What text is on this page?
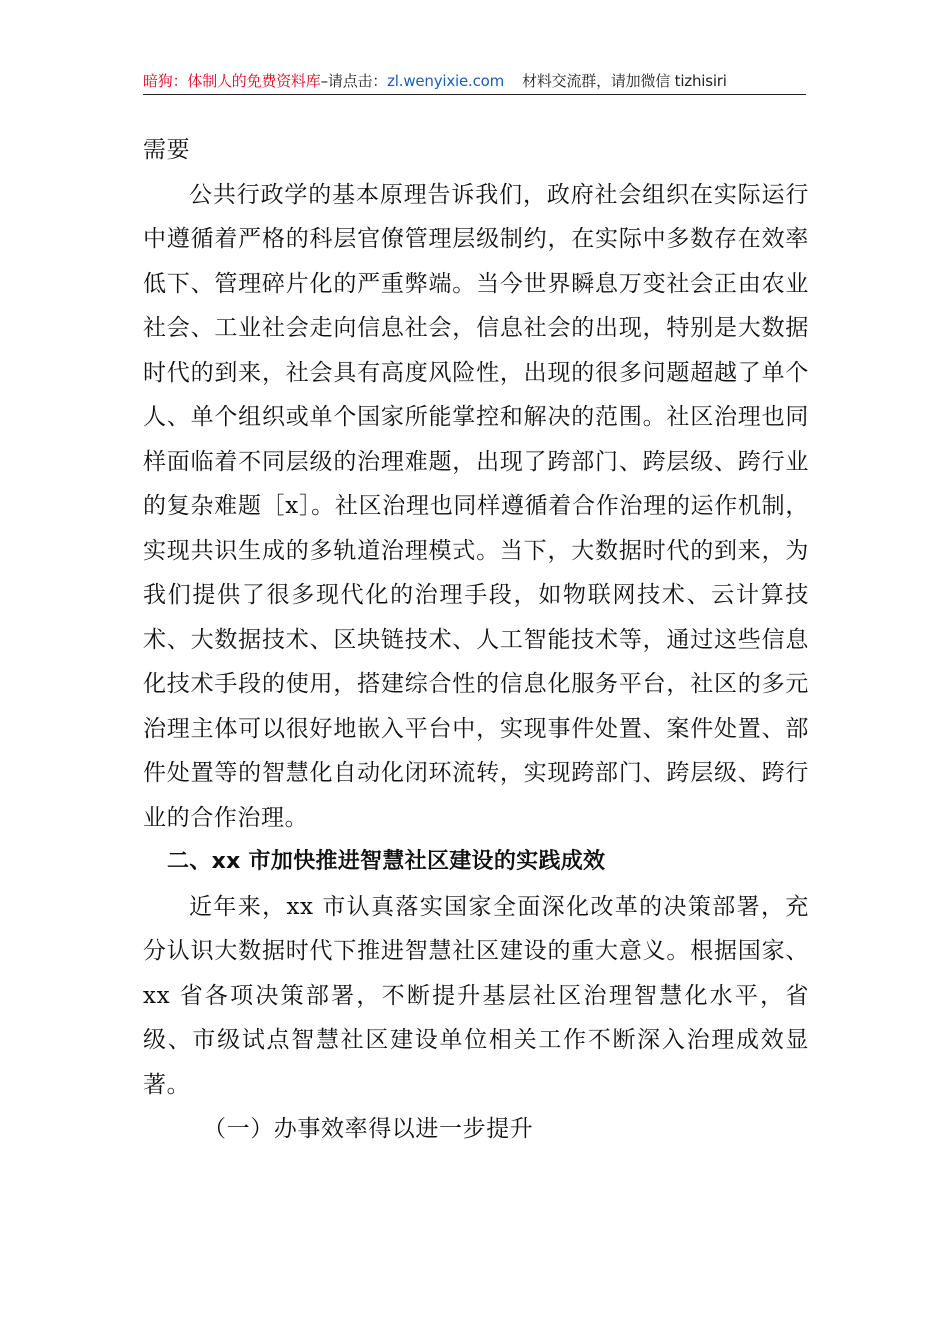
暗狗：体制人的免费资料库–请点击：zl.wenyixie.com 材料交流群，请加微信 tizhisiri

需要

公共行政学的基本原理告诉我们，政府社会组织在实际运行中遵循着严格的科层官僚管理层级制约，在实际中多数存在效率低下、管理碎片化的严重弊端。当今世界瞬息万变社会正由农业社会、工业社会走向信息社会，信息社会的出现，特别是大数据时代的到来，社会具有高度风险性，出现的很多问题超越了单个人、单个组织或单个国家所能掌控和解决的范围。社区治理也同样面临着不同层级的治理难题，出现了跨部门、跨层级、跨行业的复杂难题［x］。社区治理也同样遵循着合作治理的运作机制，实现共识生成的多轨道治理模式。当下，大数据时代的到来，为我们提供了很多现代化的治理手段，如物联网技术、云计算技术、大数据技术、区块链技术、人工智能技术等，通过这些信息化技术手段的使用，搭建综合性的信息化服务平台，社区的多元治理主体可以很好地嵌入平台中，实现事件处置、案件处置、部件处置等的智慧化自动化闭环流转，实现跨部门、跨层级、跨行业的合作治理。

二、xx 市加快推进智慧社区建设的实践成效

近年来，xx 市认真落实国家全面深化改革的决策部署，充分认识大数据时代下推进智慧社区建设的重大意义。根据国家、xx 省各项决策部署，不断提升基层社区治理智慧化水平，省级、市级试点智慧社区建设单位相关工作不断深入治理成效显著。

（一）办事效率得以进一步提升
